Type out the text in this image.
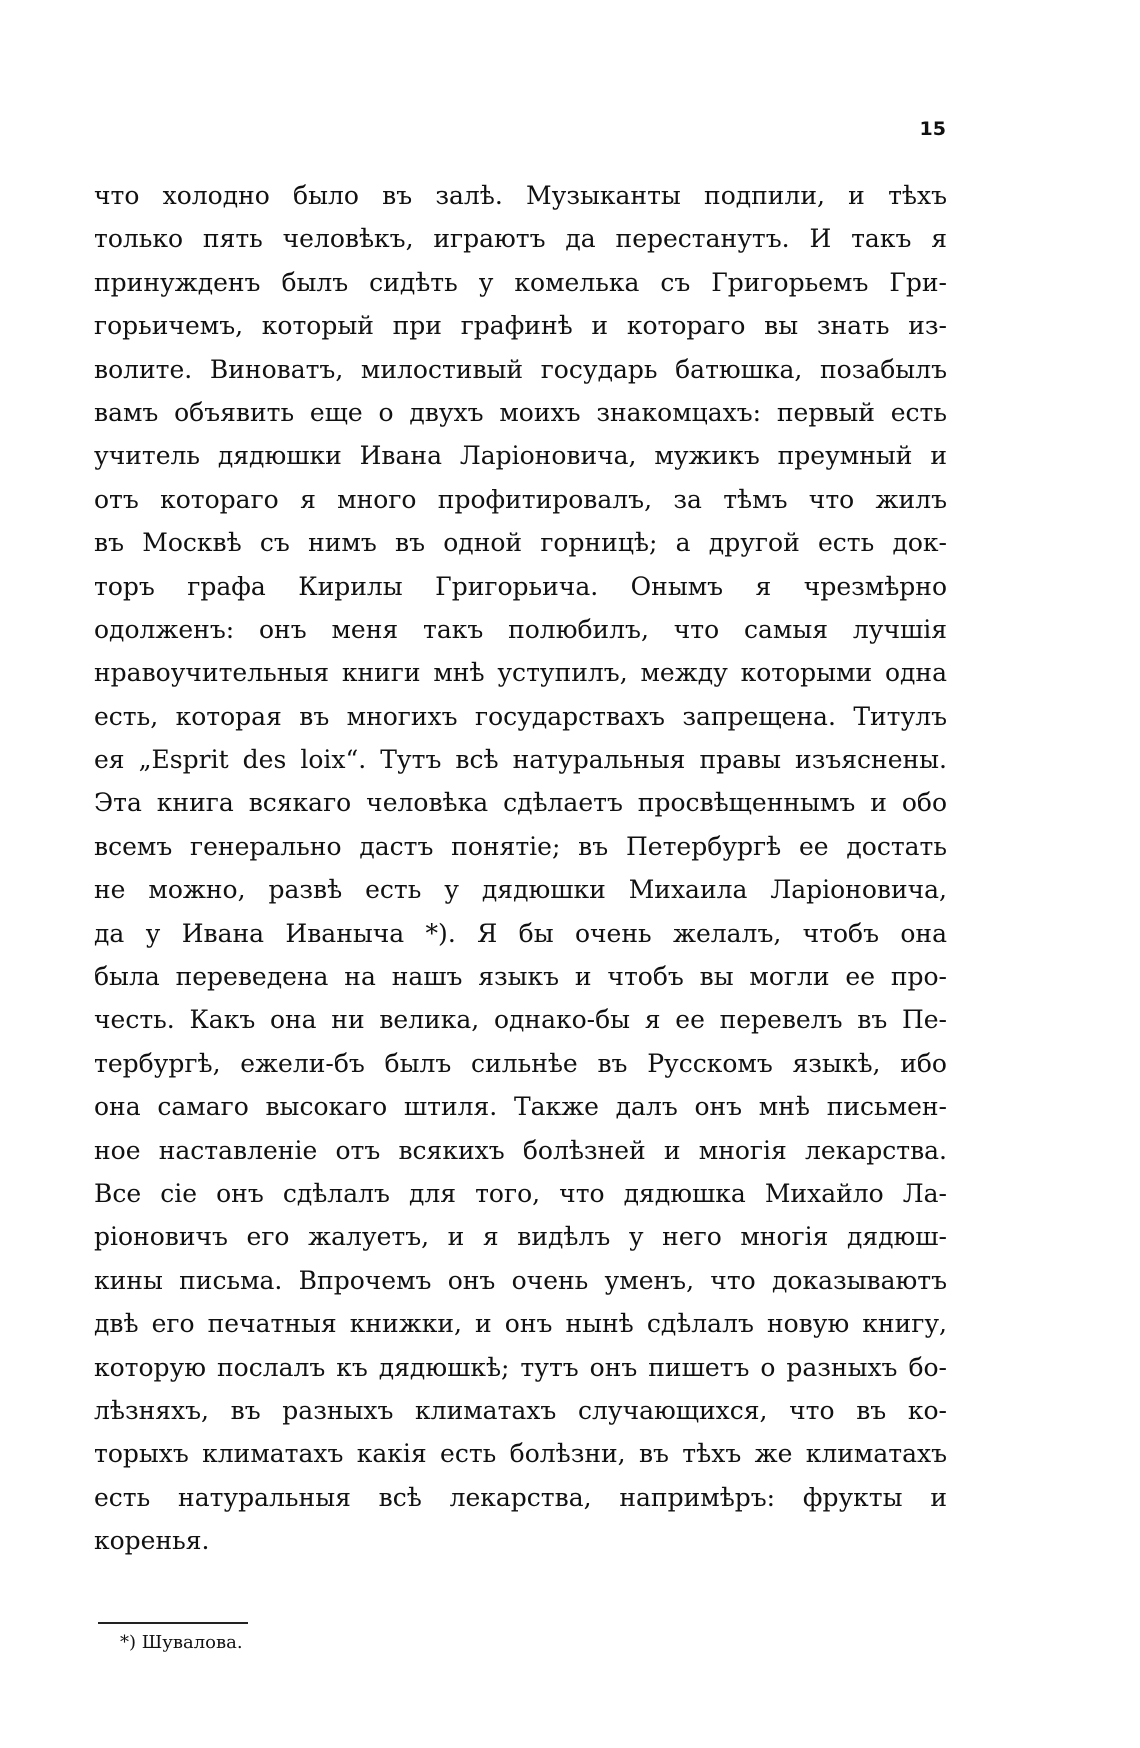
15
что холодно было въ залѣ. Музыканты подпили, и тѣхъ
только пять человѣкъ, играютъ да перестанутъ. И такъ я
принужденъ былъ сидѣть у комелька съ Григорьемъ Гри-
горьичемъ, который при графинѣ и котораго вы знать из-
волите. Виноватъ, милостивый государь батюшка, позабылъ
вамъ объявить еще о двухъ моихъ знакомцахъ: первый есть
учитель дядюшки Ивана Ларіоновича, мужикъ преумный и
отъ котораго я много профитировалъ, за тѣмъ что жилъ
въ Москвѣ съ нимъ въ одной горницѣ; а другой есть док-
торъ графа Кирилы Григорьича. Онымъ я чрезмѣрно
одолженъ: онъ меня такъ полюбилъ, что самыя лучшія
нравоучительныя книги мнѣ уступилъ, между которыми одна
есть, которая въ многихъ государствахъ запрещена. Титулъ
ея „Esprit des loix“. Тутъ всѣ натуральныя правы изъяснены.
Эта книга всякаго человѣка сдѣлаетъ просвѣщеннымъ и обо
всемъ генерально дастъ понятіе; въ Петербургѣ ее достать
не можно, развѣ есть у дядюшки Михаила Ларіоновича,
да у Ивана Иваныча *). Я бы очень желалъ, чтобъ она
была переведена на нашъ языкъ и чтобъ вы могли ее про-
честь. Какъ она ни велика, однако-бы я ее перевелъ въ Пе-
тербургѣ, ежели-бъ былъ сильнѣе въ Русскомъ языкѣ, ибо
она самаго высокаго штиля. Также далъ онъ мнѣ письмен-
ное наставленіе отъ всякихъ болѣзней и многія лекарства.
Все сіе онъ сдѣлалъ для того, что дядюшка Михайло Ла-
ріоновичъ его жалуетъ, и я видѣлъ у него многія дядюш-
кины письма. Впрочемъ онъ очень уменъ, что доказываютъ
двѣ его печатныя книжки, и онъ нынѣ сдѣлалъ новую книгу,
которую послалъ къ дядюшкѣ; тутъ онъ пишетъ о разныхъ бо-
лѣзняхъ, въ разныхъ климатахъ случающихся, что въ ко-
торыхъ климатахъ какія есть болѣзни, въ тѣхъ же климатахъ
есть натуральныя всѣ лекарства, напримѣръ: фрукты и
коренья.
*) Шувалова.
